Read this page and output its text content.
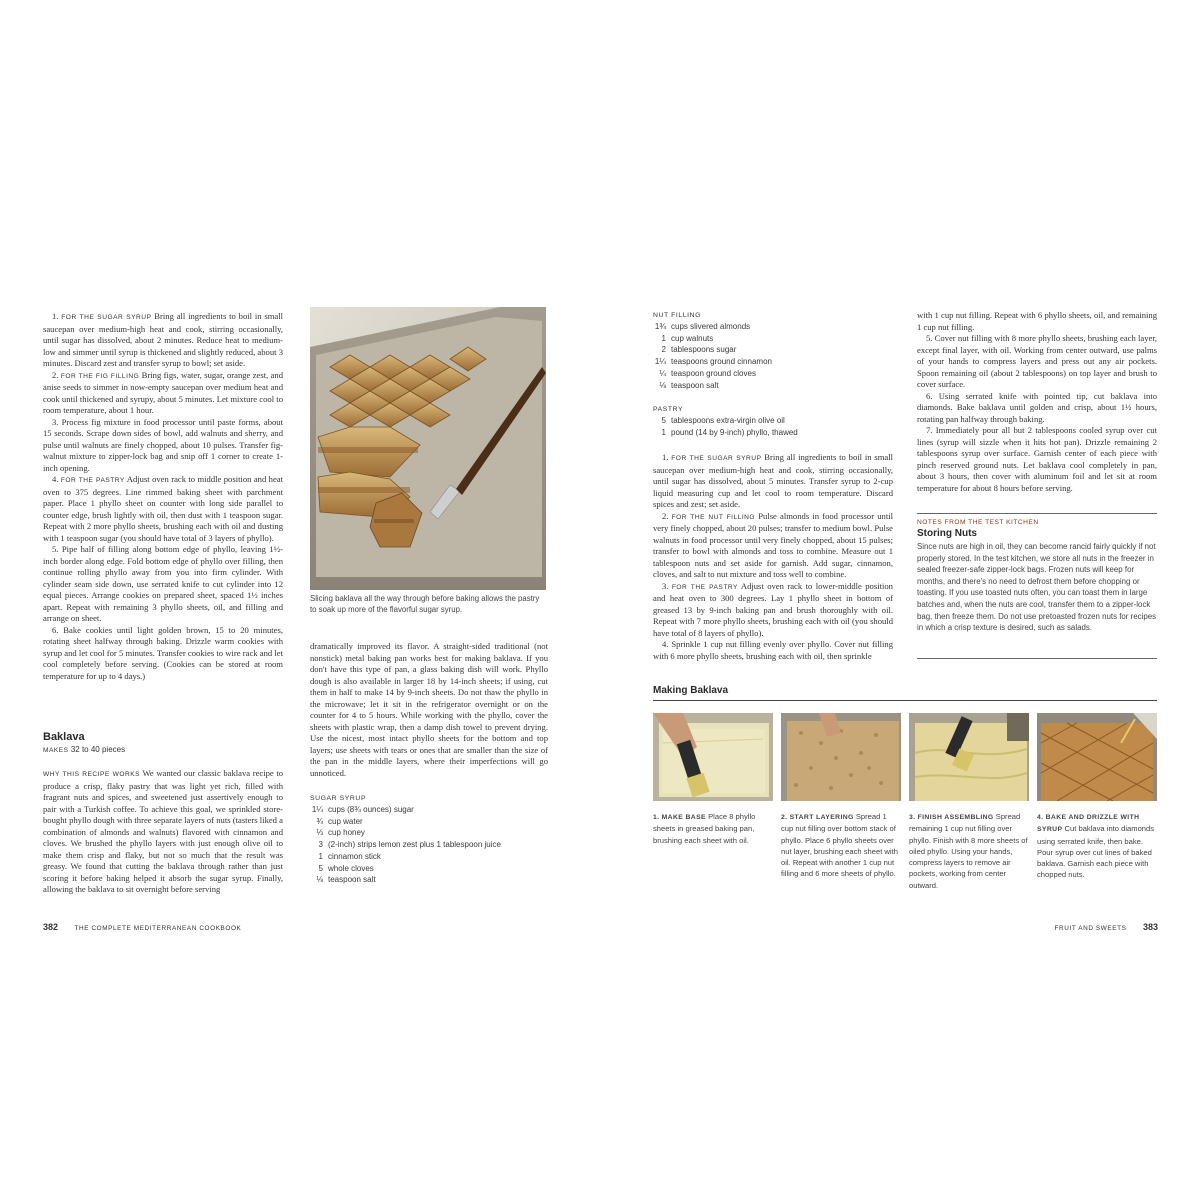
1. FOR THE SUGAR SYRUP Bring all ingredients to boil in small saucepan over medium-high heat and cook, stirring occasionally, until sugar has dissolved, about 2 minutes. Reduce heat to medium-low and simmer until syrup is thickened and slightly reduced, about 3 minutes. Discard zest and transfer syrup to bowl; set aside.

2. FOR THE FIG FILLING Bring figs, water, sugar, orange zest, and anise seeds to simmer in now-empty saucepan over medium heat and cook until thickened and syrupy, about 5 minutes. Let mixture cool to room temperature, about 1 hour.

3. Process fig mixture in food processor until paste forms, about 15 seconds. Scrape down sides of bowl, add walnuts and sherry, and pulse until walnuts are finely chopped, about 10 pulses. Transfer fig-walnut mixture to zipper-lock bag and snip off 1 corner to create 1-inch opening.

4. FOR THE PASTRY Adjust oven rack to middle position and heat oven to 375 degrees. Line rimmed baking sheet with parchment paper. Place 1 phyllo sheet on counter with long side parallel to counter edge, brush lightly with oil, then dust with 1 teaspoon sugar. Repeat with 2 more phyllo sheets, brushing each with oil and dusting with 1 teaspoon sugar (you should have total of 3 layers of phyllo).

5. Pipe half of filling along bottom edge of phyllo, leaving 1½-inch border along edge. Fold bottom edge of phyllo over filling, then continue rolling phyllo away from you into firm cylinder. With cylinder seam side down, use serrated knife to cut cylinder into 12 equal pieces. Arrange cookies on prepared sheet, spaced 1½ inches apart. Repeat with remaining 3 phyllo sheets, oil, and filling and arrange on sheet.

6. Bake cookies until light golden brown, 15 to 20 minutes, rotating sheet halfway through baking. Drizzle warm cookies with syrup and let cool for 5 minutes. Transfer cookies to wire rack and let cool completely before serving. (Cookies can be stored at room temperature for up to 4 days.)

Baklava
MAKES 32 to 40 pieces

WHY THIS RECIPE WORKS We wanted our classic baklava recipe to produce a crisp, flaky pastry that was light yet rich, filled with fragrant nuts and spices, and sweetened just assertively enough to pair with a Turkish coffee. To achieve this goal, we sprinkled store-bought phyllo dough with three separate layers of nuts (tasters liked a combination of almonds and walnuts) flavored with cinnamon and cloves. We brushed the phyllo layers with just enough olive oil to make them crisp and flaky, but not so much that the result was greasy. We found that cutting the baklava through rather than just scoring it before baking helped it absorb the sugar syrup. Finally, allowing the baklava to sit overnight before serving

Slicing baklava all the way through before baking allows the pastry to soak up more of the flavorful sugar syrup.

dramatically improved its flavor. A straight-sided traditional (not nonstick) metal baking pan works best for making baklava. If you don't have this type of pan, a glass baking dish will work. Phyllo dough is also available in larger 18 by 14-inch sheets; if using, cut them in half to make 14 by 9-inch sheets. Do not thaw the phyllo in the microwave; let it sit in the refrigerator overnight or on the counter for 4 to 5 hours. While working with the phyllo, cover the sheets with plastic wrap, then a damp dish towel to prevent drying. Use the nicest, most intact phyllo sheets for the bottom and top layers; use sheets with tears or ones that are smaller than the size of the pan in the middle layers, where their imperfections will go unnoticed.

SUGAR SYRUP
1¼ cups (8¾ ounces) sugar
¾ cup water
⅓ cup honey
3 (2-inch) strips lemon zest plus 1 tablespoon juice
1 cinnamon stick
5 whole cloves
⅛ teaspoon salt
382	THE COMPLETE MEDITERRANEAN COOKBOOK
NUT FILLING
1¾ cups slivered almonds
1 cup walnuts
2 tablespoons sugar
1¼ teaspoons ground cinnamon
¼ teaspoon ground cloves
⅛ teaspoon salt
PASTRY
5 tablespoons extra-virgin olive oil
1 pound (14 by 9-inch) phyllo, thawed

1. FOR THE SUGAR SYRUP Bring all ingredients to boil in small saucepan over medium-high heat and cook, stirring occasionally, until sugar has dissolved, about 5 minutes. Transfer syrup to 2-cup liquid measuring cup and let cool to room temperature. Discard spices and zest; set aside.

2. FOR THE NUT FILLING Pulse almonds in food processor until very finely chopped, about 20 pulses; transfer to medium bowl. Pulse walnuts in food processor until very finely chopped, about 15 pulses; transfer to bowl with almonds and toss to combine. Measure out 1 tablespoon nuts and set aside for garnish. Add sugar, cinnamon, cloves, and salt to nut mixture and toss well to combine.

3. FOR THE PASTRY Adjust oven rack to lower-middle position and heat oven to 300 degrees. Lay 1 phyllo sheet in bottom of greased 13 by 9-inch baking pan and brush thoroughly with oil. Repeat with 7 more phyllo sheets, brushing each with oil (you should have total of 8 layers of phyllo).

4. Sprinkle 1 cup nut filling evenly over phyllo. Cover nut filling with 6 more phyllo sheets, brushing each with oil, then sprinkle

with 1 cup nut filling. Repeat with 6 phyllo sheets, oil, and remaining 1 cup nut filling.

5. Cover nut filling with 8 more phyllo sheets, brushing each layer, except final layer, with oil. Working from center outward, use palms of your hands to compress layers and press out any air pockets. Spoon remaining oil (about 2 tablespoons) on top layer and brush to cover surface.

6. Using serrated knife with pointed tip, cut baklava into diamonds. Bake baklava until golden and crisp, about 1½ hours, rotating pan halfway through baking.

7. Immediately pour all but 2 tablespoons cooled syrup over cut lines (syrup will sizzle when it hits hot pan). Drizzle remaining 2 tablespoons syrup over surface. Garnish center of each piece with pinch reserved ground nuts. Let baklava cool completely in pan, about 3 hours, then cover with aluminum foil and let sit at room temperature for about 8 hours before serving.

NOTES FROM THE TEST KITCHEN
Storing Nuts
Since nuts are high in oil, they can become rancid fairly quickly if not properly stored. In the test kitchen, we store all nuts in the freezer in sealed freezer-safe zipper-lock bags. Frozen nuts will keep for months, and there's no need to defrost them before chopping or toasting. If you use toasted nuts often, you can toast them in large batches and, when the nuts are cool, transfer them to a zipper-lock bag, then freeze them. Do not use pretoasted frozen nuts for recipes in which a crisp texture is desired, such as salads.
Making Baklava
1. MAKE BASE Place 8 phyllo sheets in greased baking pan, brushing each sheet with oil.
2. START LAYERING Spread 1 cup nut filling over bottom stack of phyllo. Place 6 phyllo sheets over nut layer, brushing each sheet with oil. Repeat with another 1 cup nut filling and 6 more sheets of phyllo.
3. FINISH ASSEMBLING Spread remaining 1 cup nut filling over phyllo. Finish with 8 more sheets of oiled phyllo. Using your hands, compress layers to remove air pockets, working from center outward.
4. BAKE AND DRIZZLE WITH SYRUP Cut baklava into diamonds using serrated knife, then bake. Pour syrup over cut lines of baked baklava. Garnish each piece with chopped nuts.
FRUIT AND SWEETS 383
